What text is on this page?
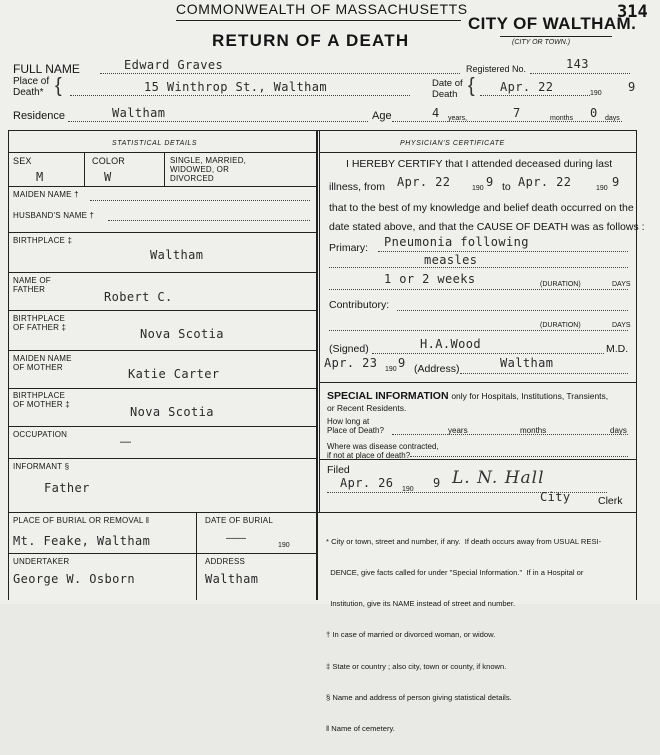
COMMONWEALTH OF MASSACHUSETTS
RETURN OF A DEATH
CITY OF WALTHAM.
314
(CITY OR TOWN.)
FULL NAME	Edward Graves	Registered No.	143
Place of
Death* {	15 Winthrop St., Waltham	Date of
Death { Apr. 22	190 9
Residence	Waltham	Age	4 years,	7	months 0 days
STATISTICAL DETAILS
SEX
M
COLOR
W
SINGLE, MARRIED,
WIDOWED, OR
DIVORCED
MAIDEN NAME †
HUSBAND'S NAME †
BIRTHPLACE ‡
Waltham
NAME OF
FATHER
Robert C.
BIRTHPLACE
OF FATHER ‡	Nova Scotia
MAIDEN NAME
OF MOTHER	Katie Carter
BIRTHPLACE
OF MOTHER ‡
Nova Scotia
OCCUPATION
—
INFORMANT §
Father
PLACE OF BURIAL OR REMOVAL ‖
Mt. Feake, Waltham
DATE OF BURIAL
——
190
UNDERTAKER
George W. Osborn
ADDRESS
Waltham
PHYSICIAN'S CERTIFICATE
I HEREBY CERTIFY that I attended deceased during last
illness, from Apr. 22	190 9 to Apr. 22	190 9
that to the best of my knowledge and belief death occurred on the
date stated above, and that the CAUSE OF DEATH was as follows :
Primary: Pneumonia following
measles
1 or 2 weeks	(DURATION)	DAYS
Contributory:
(DURATION)	DAYS
(Signed)	H.A.Wood	M.D.
Apr. 23 190 9 (Address)	Waltham
SPECIAL INFORMATION only for Hospitals, Institutions, Transients,
or Recent Residents.
How long at
Place of Death?	years	months	days
Where was disease contracted,
if not at place of death?
Filed
Apr. 26 190 9 L. N. Hall
City	Clerk

* City or town, street and number, if any.  If death occurs away from USUAL RESI-

DENCE, give facts called for under "Special Information."  If in a Hospital or

Institution, give its NAME instead of street and number.

† In case of married or divorced woman, or widow.

‡ State or country ; also city, town or county, if known.

§ Name and address of person giving statistical details.

‖ Name of cemetery.
